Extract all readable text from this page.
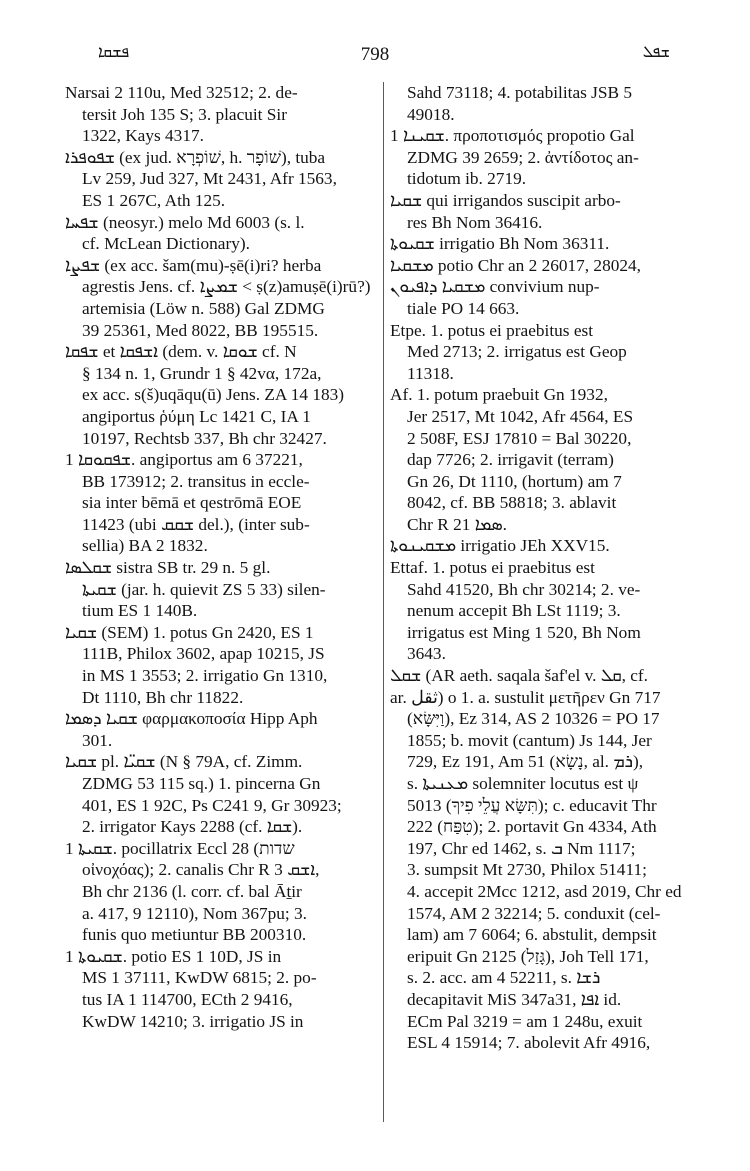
ܦܫܩܐ	798	ܫܦܠ
Narsai 2 110u, Med 32512; 2. de-
tersit Joh 135 S; 3. placuit Sir
1322, Kays 4317.
ܫܦܘܦܪܐ (ex jud. שׁוֹפְרָא, h. שׁוֹפָר), tuba
Lv 259, Jud 327, Mt 2431, Afr 1563,
ES 1 267C, Ath 125.
ܫܦܚܐ (neosyr.) melo Md 6003 (s. l.
cf. McLean Dictionary).
ܫܦܨܐ (ex acc. šam(mu)-ṣē(i)ri? herba
agrestis Jens. cf. ܫܡܨܐ < ṣ(z)amuṣē(i)rū?)
artemisia (Löw n. 588) Gal ZDMG
39 25361, Med 8022, BB 195515.
ܫܦܩܐ et ܐܫܦܩܐ (dem. v. ܫܘܩܐ cf. N
§ 134 n. 1, Grundr 1 § 42vα, 172a,
ex acc. s(š)uqāqu(ū) Jens. ZA 14 183)
angiportus ῥύμη Lc 1421 C, IA 1
10197, Rechtsb 337, Bh chr 32427.
ܫܦܩܘܩܐ 1. angiportus am 6 37221,
BB 173912; 2. transitus in eccle-
sia inter bēmā et qestrōmā EOE
11423 (ubi ܫܩܩ del.), (inter sub-
sellia) BA 2 1832.
ܫܩܠܣܐ sistra SB tr. 29 n. 5 gl.
ܫܩܝܬܐ (jar. h. quievit ZS 5 33) silen-
tium ES 1 140B.
ܫܩܝܐ (SEM) 1. potus Gn 2420, ES 1
111B, Philox 3602, apap 10215, JS
in MS 1 3553; 2. irrigatio Gn 1310,
Dt 1110, Bh chr 11822.
ܫܩܝܐ ܕܣܡܐ φαρμακοποσία Hipp Aph
301.
ܫܩܝܐ pl. ܫܩܝ̈ܐ (N § 79A, cf. Zimm.
ZDMG 53 115 sq.) 1. pincerna Gn
401, ES 1 92C, Ps C241 9, Gr 30923;
2. irrigator Kays 2288 (cf. ܫܩܐ).
ܫܩܝܬܐ 1. pocillatrix Eccl 28 (שדות
οἰνοχόας); 2. canalis Chr R ܐܫܩ 3,
Bh chr 2136 (l. corr. cf. bal Āṯir
a. 417, 9 12110), Nom 367pu; 3.
funis quo metiuntur BB 200310.
ܫܩܝܘܬܐ 1. potio ES 1 10D, JS in
MS 1 37111, KwDW 6815; 2. po-
tus IA 1 114700, ECth 2 9416,
KwDW 14210; 3. irrigatio JS in
Sahd 73118; 4. potabilitas JSB 5
49018.
ܫܩܝܢܐ 1. προποτισμός propotio Gal
ZDMG 39 2659; 2. ἀντίδοτος an-
tidotum ib. 2719.
ܫܩܝܐ qui irrigandos suscipit arbo-
res Bh Nom 36416.
ܫܩܝܘܬܐ irrigatio Bh Nom 36311.
ܡܫܩܝܐ potio Chr an 2 26017, 28024,
ܡܫܩܝܐ ܕܐܦܝܘܢ convivium nup-
tiale PO 14 663.
Etpe. 1. potus ei praebitus est
Med 2713; 2. irrigatus est Geop
11318.
Af. 1. potum praebuit Gn 1932,
Jer 2517, Mt 1042, Afr 4564, ES
2 508F, ESJ 17810 = Bal 30220,
dap 7726; 2. irrigavit (terram)
Gn 26, Dt 1110, (hortum) am 7
8042, cf. BB 58818; 3. ablavit
Chr R ܣܡܐ 21.
ܡܫܩܝܢܘܬܐ irrigatio JEh XXV15.
Ettaf. 1. potus ei praebitus est
Sahd 41520, Bh chr 30214; 2. ve-
nenum accepit Bh LSt 1119; 3.
irrigatus est Ming 1 520, Bh Nom
3643.
ܫܩܠ (AR aeth. saqala šaf'el v. ܩܠ, cf.
ar. ثقل) o 1. a. sustulit μετῆρεν Gn 717
(וַיִּשָּׂא), Ez 314, AS 2 10326 = PO 17
1855; b. movit (cantum) Js 144, Jer
729, Ez 191, Am 51 (נָשָׂא, al. ܪܡ),
s. ܡܥܢܝܬܐ solemniter locutus est ψ
5013 (תִּשָּׂא עֲלֵי פִיךָ); c. educavit Thr
222 (טִפַּח); 2. portavit Gn 4334, Ath
197, Chr ed 1462, s. ܒ Nm 1117;
3. sumpsit Mt 2730, Philox 51411;
4. accepit 2Mcc 1212, asd 2019, Chr ed
1574, AM 2 32214; 5. conduxit (cel-
lam) am 7 6064; 6. abstulit, dempsit
eripuit Gn 2125 (גָּזַל), Joh Tell 171,
s. 2. acc. am 4 52211, s. ܪܫܐ
decapitavit MiS 347a31, ܐܦܐ id.
ECm Pal 3219 = am 1 248u, exuit
ESL 4 15914; 7. abolevit Afr 4916,
